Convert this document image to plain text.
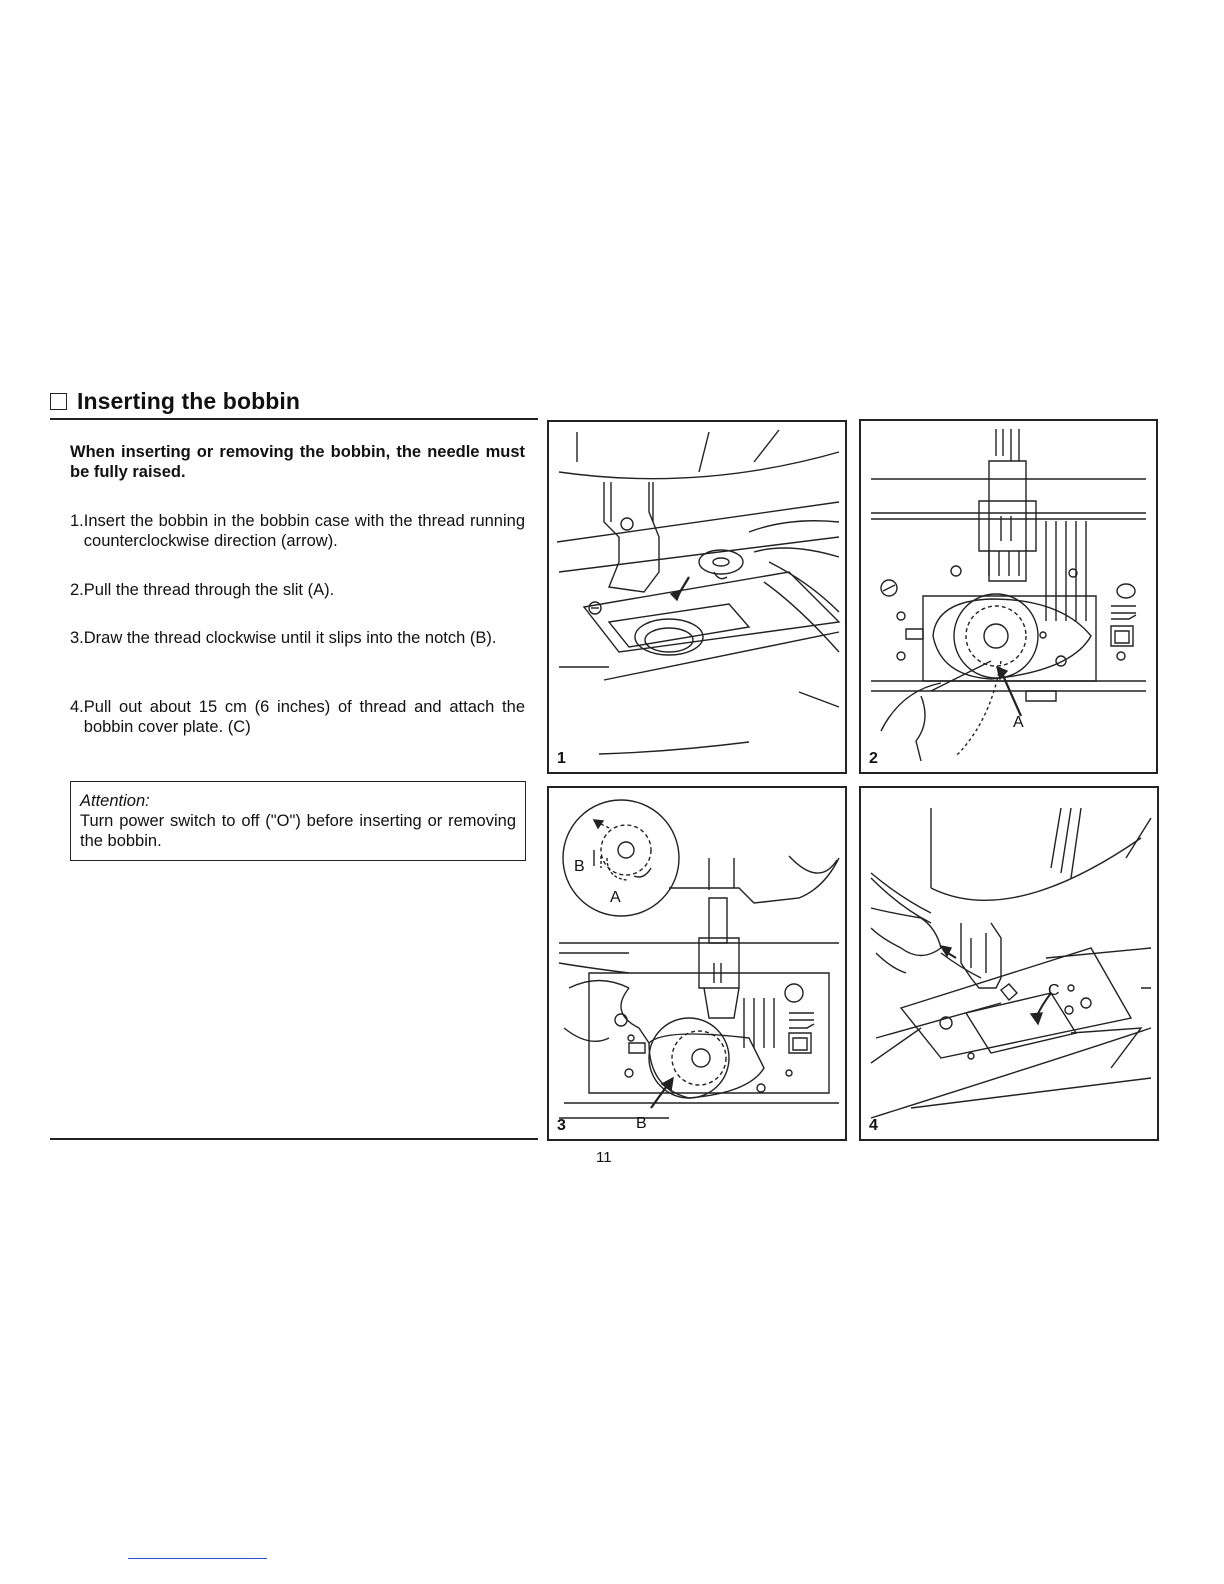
Inserting the bobbin
When inserting or removing the bobbin, the needle must be fully raised.
1. Insert the bobbin in the bobbin case with the thread running counterclockwise direction (arrow).
2. Pull the thread through the slit (A).
3. Draw the thread clockwise until it slips into the notch (B).
4. Pull out about 15 cm (6 inches) of thread and attach the bobbin cover plate. (C)
Attention:
Turn power switch to off ("O") before inserting or removing the bobbin.
1
A
2
B
A
B
3
C
4
11
